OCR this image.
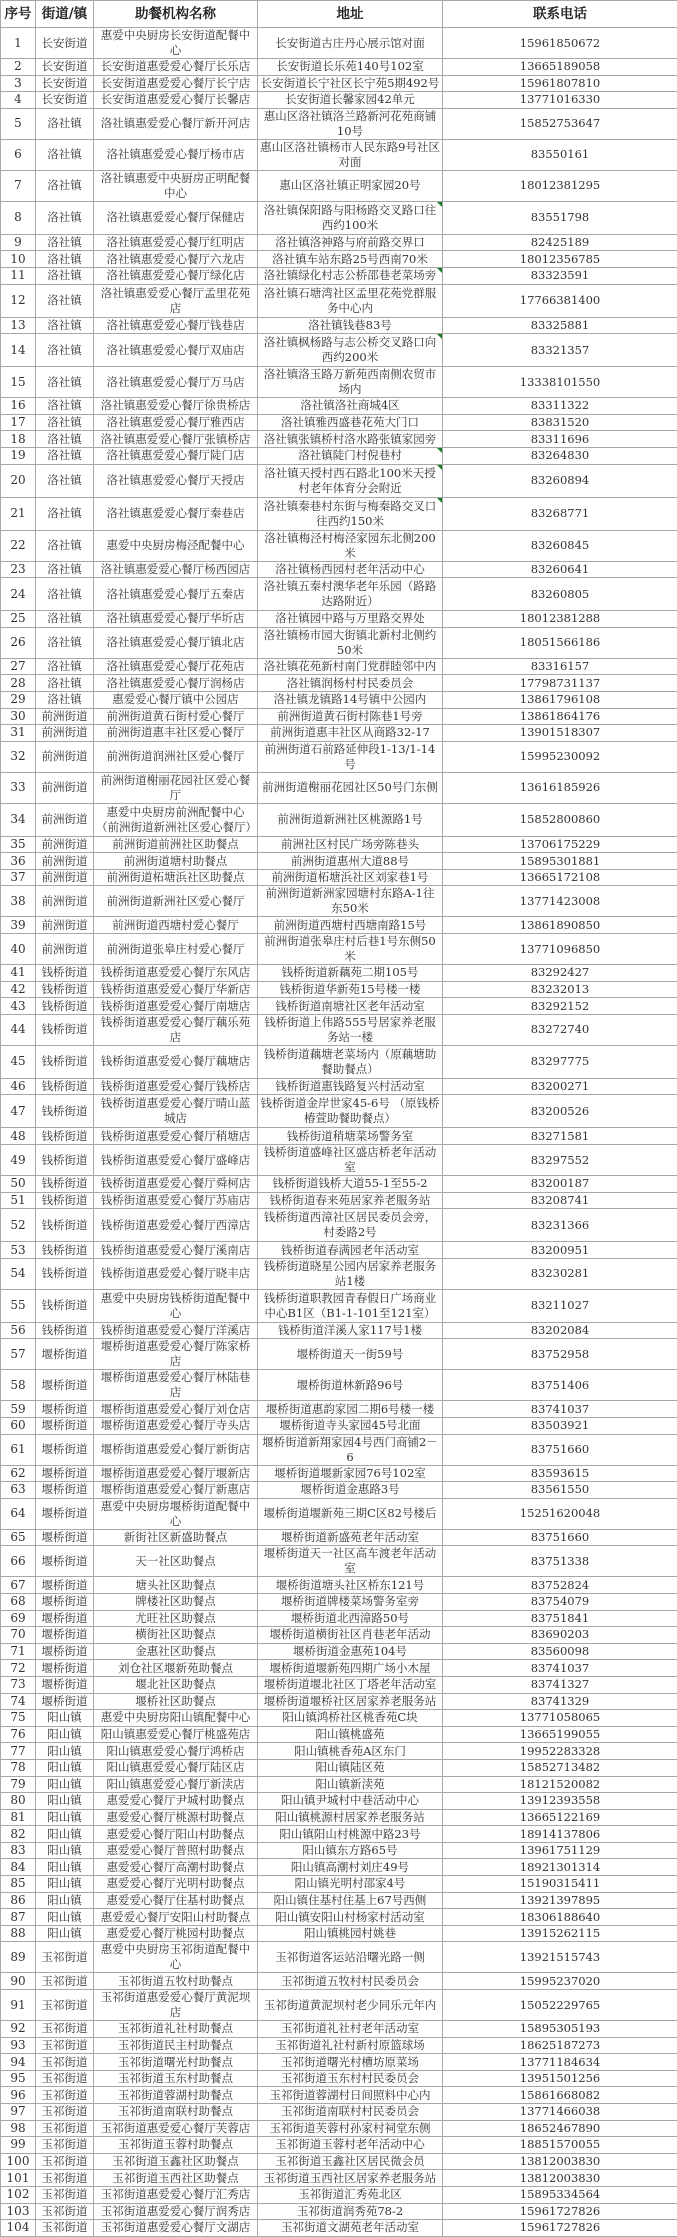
序号	街道/镇	助餐机构名称	地址	联系电话
1	长安街道	惠爱中央厨房长安街道配餐中心	长安街道古庄丹心展示馆对面	15961850672
2	长安街道	长安街道惠爱爱心餐厅长乐店	长安街道长乐苑140号102室	13665189058
3	长安街道	长安街道惠爱爱心餐厅长宁店	长安街道长宁社区长宁苑5期492号	15961807810
4	长安街道	长安街道惠爱爱心餐厅长馨店	长安街道长馨家园42单元	13771016330
5	洛社镇	洛社镇惠爱爱心餐厅新开河店	惠山区洛社镇洛兰路新河花苑商铺10号	15852753647
6	洛社镇	洛社镇惠爱爱心餐厅杨市店	惠山区洛社镇杨市人民东路9号社区对面	83550161
7	洛社镇	洛社镇惠爱中央厨房正明配餐中心	惠山区洛社镇正明家园20号	18012381295
8	洛社镇	洛社镇惠爱爱心餐厅保健店	洛社镇保阳路与阳杨路交叉路口往西约100米	83551798
9	洛社镇	洛社镇惠爱爱心餐厅红明店	洛社镇洛神路与府前路交界口	82425189
10	洛社镇	洛社镇惠爱爱心餐厅六龙店	洛社镇车站东路25号西南70米	18012356785
11	洛社镇	洛社镇惠爱爱心餐厅绿化店	洛社镇绿化村志公桥邵巷老菜场旁	83323591
12	洛社镇	洛社镇惠爱爱心餐厅孟里花苑店	洛社镇石塘湾社区孟里花苑党群服务中心内	17766381400
13	洛社镇	洛社镇惠爱爱心餐厅钱巷店	洛社镇钱巷83号	83325881
14	洛社镇	洛社镇惠爱爱心餐厅双庙店	洛社镇枫杨路与志公桥交叉路口向西约200米	83321357
15	洛社镇	洛社镇惠爱爱心餐厅万马店	洛社镇洛玉路万新苑西南侧农贸市场内	13338101550
16	洛社镇	洛社镇惠爱爱心餐厅徐贵桥店	洛社镇洛社商城4区	83311322
17	洛社镇	洛社镇惠爱爱心餐厅雅西店	洛社镇雅西盛巷花苑大门口	83831520
18	洛社镇	洛社镇惠爱爱心餐厅张镇桥店	洛社镇张镇桥村洛水路张镇家园旁	83311696
19	洛社镇	洛社镇惠爱爱心餐厅陡门店	洛社镇陡门村倪巷村	83264830
20	洛社镇	洛社镇惠爱爱心餐厅天授店	洛社镇天授村西石路北100米天授村老年体育分会附近	83260894
21	洛社镇	洛社镇惠爱爱心餐厅秦巷店	洛社镇秦巷村东街与梅秦路交叉口往西约150米	83268771
22	洛社镇	惠爱中央厨房梅泾配餐中心	洛社镇梅泾村梅泾家园东北侧200米	83260845
23	洛社镇	洛社镇惠爱爱心餐厅杨西园店	洛社镇杨西园村老年活动中心	83260641
24	洛社镇	洛社镇惠爱爱心餐厅五秦店	洛社镇五秦村澳华老年乐园（路路达路附近）	83260805
25	洛社镇	洛社镇惠爱爱心餐厅华圻店	洛社镇园中路与万里路交界处	18012381288
26	洛社镇	洛社镇惠爱爱心餐厅镇北店	洛社镇杨市园大街镇北新村北侧约50米	18051566186
27	洛社镇	洛社镇惠爱爱心餐厅花苑店	洛社镇花苑新村南门党群睦邻中内	83316157
28	洛社镇	洛社镇惠爱爱心餐厅润杨店	洛社镇润杨村村民委员会	17798731137
29	洛社镇	惠爱爱心餐厅镇中公园店	洛社镇龙镇路14号镇中公园内	13861796108
30	前洲街道	前洲街道黄石街村爱心餐厅	前洲街道黄石街村陈巷1号旁	13861864176
31	前洲街道	前洲街道惠丰社区爱心餐厅	前洲街道惠丰社区从商路32-17	13901518307
32	前洲街道	前洲街道润洲社区爱心餐厅	前洲街道石前路延伸段1-13/1-14号	15995230092
33	前洲街道	前洲街道榭丽花园社区爱心餐厅	前洲街道榭丽花园社区50号门东侧	13616185926
34	前洲街道	惠爱中央厨房前洲配餐中心（前洲街道新洲社区爱心餐厅）	前洲街道新洲社区桃源路1号	15852800860
35	前洲街道	前洲街道前洲社区助餐点	前洲社区村民广场旁陈巷头	13706175229
36	前洲街道	前洲街道塘村助餐点	前洲街道惠州大道88号	15895301881
37	前洲街道	前洲街道柘塘浜社区助餐点	前洲街道柘塘浜社区刘家巷1号	13665172108
38	前洲街道	前洲街道新洲社区爱心餐厅	前洲街道新洲家园塘村东路A-1往东50米	13771423008
39	前洲街道	前洲街道西塘村爱心餐厅	前洲街道西塘村西塘南路15号	13861890850
40	前洲街道	前洲街道张皋庄村爱心餐厅	前洲街道张皋庄村后巷1号东侧50米	13771096850
41	钱桥街道	钱桥街道惠爱爱心餐厅东风店	钱桥街道新藕苑二期105号	83292427
42	钱桥街道	钱桥街道惠爱爱心餐厅华新店	钱桥街道华新苑15号楼一楼	83232013
43	钱桥街道	钱桥街道惠爱爱心餐厅南塘店	钱桥街道南塘社区老年活动室	83292152
44	钱桥街道	钱桥街道惠爱爱心餐厅藕乐苑店	钱桥街道上伟路555号居家养老服务站一楼	83272740
45	钱桥街道	钱桥街道惠爱爱心餐厅藕塘店	钱桥街道藕塘老菜场内（原藕塘助餐助餐点）	83297775
46	钱桥街道	钱桥街道惠爱爱心餐厅钱桥店	钱桥街道惠钱路复兴村活动室	83200271
47	钱桥街道	钱桥街道惠爱爱心餐厅晴山蓝城店	钱桥街道金岸世家45-6号 （原钱桥椿萱助餐助餐点）	83200526
48	钱桥街道	钱桥街道惠爱爱心餐厅稍塘店	钱桥街道稍塘菜场警务室	83271581
49	钱桥街道	钱桥街道惠爱爱心餐厅盛峰店	钱桥街道盛峰社区盛店桥老年活动室	83297552
50	钱桥街道	钱桥街道惠爱爱心餐厅舜柯店	钱桥街道钱桥大道55-1至55-2	83200187
51	钱桥街道	钱桥街道惠爱爱心餐厅苏庙店	钱桥街道春来苑居家养老服务站	83208741
52	钱桥街道	钱桥街道惠爱爱心餐厅西漳店	钱桥街道西漳社区居民委员会旁，村委路2号	83231366
53	钱桥街道	钱桥街道惠爱爱心餐厅溪南店	钱桥街道春满园老年活动室	83200951
54	钱桥街道	钱桥街道惠爱爱心餐厅晓丰店	钱桥街道晓星公园内居家养老服务站1楼	83230281
55	钱桥街道	惠爱中央厨房钱桥街道配餐中心	钱桥街道职教园青春假日广场商业中心B1区（B1-1-101至121室）	83211027
56	钱桥街道	钱桥街道惠爱爱心餐厅洋溪店	钱桥街道洋溪人家117号1楼	83202084
57	堰桥街道	堰桥街道惠爱爱心餐厅陈家桥店	堰桥街道天一街59号	83752958
58	堰桥街道	堰桥街道惠爱爱心餐厅林陆巷店	堰桥街道林新路96号	83751406
59	堰桥街道	堰桥街道惠爱爱心餐厅刘仓店	堰桥街道惠韵家园二期6号楼一楼	83741037
60	堰桥街道	堰桥街道惠爱爱心餐厅寺头店	堰桥街道寺头家园45号北面	83503921
61	堰桥街道	堰桥街道惠爱爱心餐厅新街店	堰桥街道新翔家园4号西门商铺2－6	83751660
62	堰桥街道	堰桥街道惠爱爱心餐厅堰新店	堰桥街道堰新家园76号102室	83593615
63	堰桥街道	堰桥街道惠爱爱心餐厅新惠店	堰桥街道金惠路3号	83561550
64	堰桥街道	惠爱中央厨房堰桥街道配餐中心	堰桥街道堰新苑三期C区82号楼后	15251620048
65	堰桥街道	新街社区新盛助餐点	堰桥街道新盛苑老年活动室	83751660
66	堰桥街道	天一社区助餐点	堰桥街道天一社区高车渡老年活动室	83751338
67	堰桥街道	塘头社区助餐点	堰桥街道塘头社区桥东121号	83752824
68	堰桥街道	牌楼社区助餐点	堰桥街道牌楼菜场警务室旁	83754079
69	堰桥街道	尤旺社区助餐点	堰桥街道北西漳路50号	83751841
70	堰桥街道	横街社区助餐点	堰桥街道横街社区肖巷老年活动	83690203
71	堰桥街道	金惠社区助餐点	堰桥街道金惠苑104号	83560098
72	堰桥街道	刘仓社区堰新苑助餐点	堰桥街道堰新苑四期广场小木屋	83741037
73	堰桥街道	堰北社区助餐点	堰桥街道堰北社区丁塔老年活动室	83741327
74	堰桥街道	堰桥社区助餐点	堰桥街道堰桥社区居家养老服务站	83741329
75	阳山镇	惠爱中央厨房阳山镇配餐中心	阳山镇鸿桥社区桃香苑C块	13771058065
76	阳山镇	阳山镇惠爱爱心餐厅桃盛苑店	阳山镇桃盛苑	13665199055
77	阳山镇	阳山镇惠爱爱心餐厅鸿桥店	阳山镇桃香苑A区东门	19952283328
78	阳山镇	阳山镇惠爱爱心餐厅陆区店	阳山镇陆区苑	15852713482
79	阳山镇	阳山镇惠爱爱心餐厅新渎店	阳山镇新渎苑	18121520082
80	阳山镇	惠爱爱心餐厅尹城村助餐点	阳山镇尹城村中巷活动中心	13912393558
81	阳山镇	惠爱爱心餐厅桃源村助餐点	阳山镇桃源村居家养老服务站	13665122169
82	阳山镇	惠爱爱心餐厅阳山村助餐点	阳山镇阳山村桃源中路23号	18914137806
83	阳山镇	惠爱爱心餐厅普照村助餐点	阳山镇东方路65号	13961751129
84	阳山镇	惠爱爱心餐厅高潮村助餐点	阳山镇高潮村刘庄49号	18921301314
85	阳山镇	惠爱爱心餐厅光明村助餐点	阳山镇光明村邵家4号	15190315411
86	阳山镇	惠爱爱心餐厅住基村助餐点	阳山镇住基村住基上67号西侧	13921397895
87	阳山镇	惠爱爱心餐厅安阳山村助餐点	阳山镇安阳山村杨家村活动室	18306188640
88	阳山镇	惠爱爱心餐厅桃园村助餐点	阳山镇桃园村姚巷	13915262115
89	玉祁街道	惠爱中央厨房玉祁街道配餐中心	玉祁街道客运站沿曙光路一侧	13921515743
90	玉祁街道	玉祁街道五牧村助餐点	玉祁街道五牧村村民委员会	15995237020
91	玉祁街道	玉祁街道惠爱爱心餐厅黄泥坝店	玉祁街道黄泥坝村老少同乐元年内	15052229765
92	玉祁街道	玉祁街道礼社村助餐点	玉祁街道礼社村老年活动室	15895305193
93	玉祁街道	玉祁街道民主村助餐点	玉祁街道礼社村新村原篮球场	18625187273
94	玉祁街道	玉祁街道曙光村助餐点	玉祁街道曙光村槽坊原菜场	13771184634
95	玉祁街道	玉祁街道玉东村助餐点	玉祁街道玉东村村民委员会	13951501256
96	玉祁街道	玉祁街道蓉湖村助餐点	玉祁街道蓉湖村日间照料中心内	15861668082
97	玉祁街道	玉祁街道南联村助餐点	玉祁街道南联村村民委员会	13771466038
98	玉祁街道	玉祁街道惠爱爱心餐厅芙蓉店	玉祁街道芙蓉村孙家村祠堂东侧	18652467890
99	玉祁街道	玉祁街道玉蓉村助餐点	玉祁街道玉蓉村老年活动中心	18851570055
100	玉祁街道	玉祁街道玉鑫社区助餐点	玉祁街道玉鑫社区居民微会员	13812003830
101	玉祁街道	玉祁街道玉西社区助餐点	玉祁街道玉西社区居家养老服务站	13812003830
102	玉祁街道	玉祁街道惠爱爱心餐厅汇秀店	玉祁街道汇秀苑北区	15895334564
103	玉祁街道	玉祁街道惠爱爱心餐厅润秀店	玉祁街道润秀苑78-2	15961727826
104	玉祁街道	玉祁街道惠爱爱心餐厅文湖店	玉祁街道文湖苑老年活动室	15961727826
